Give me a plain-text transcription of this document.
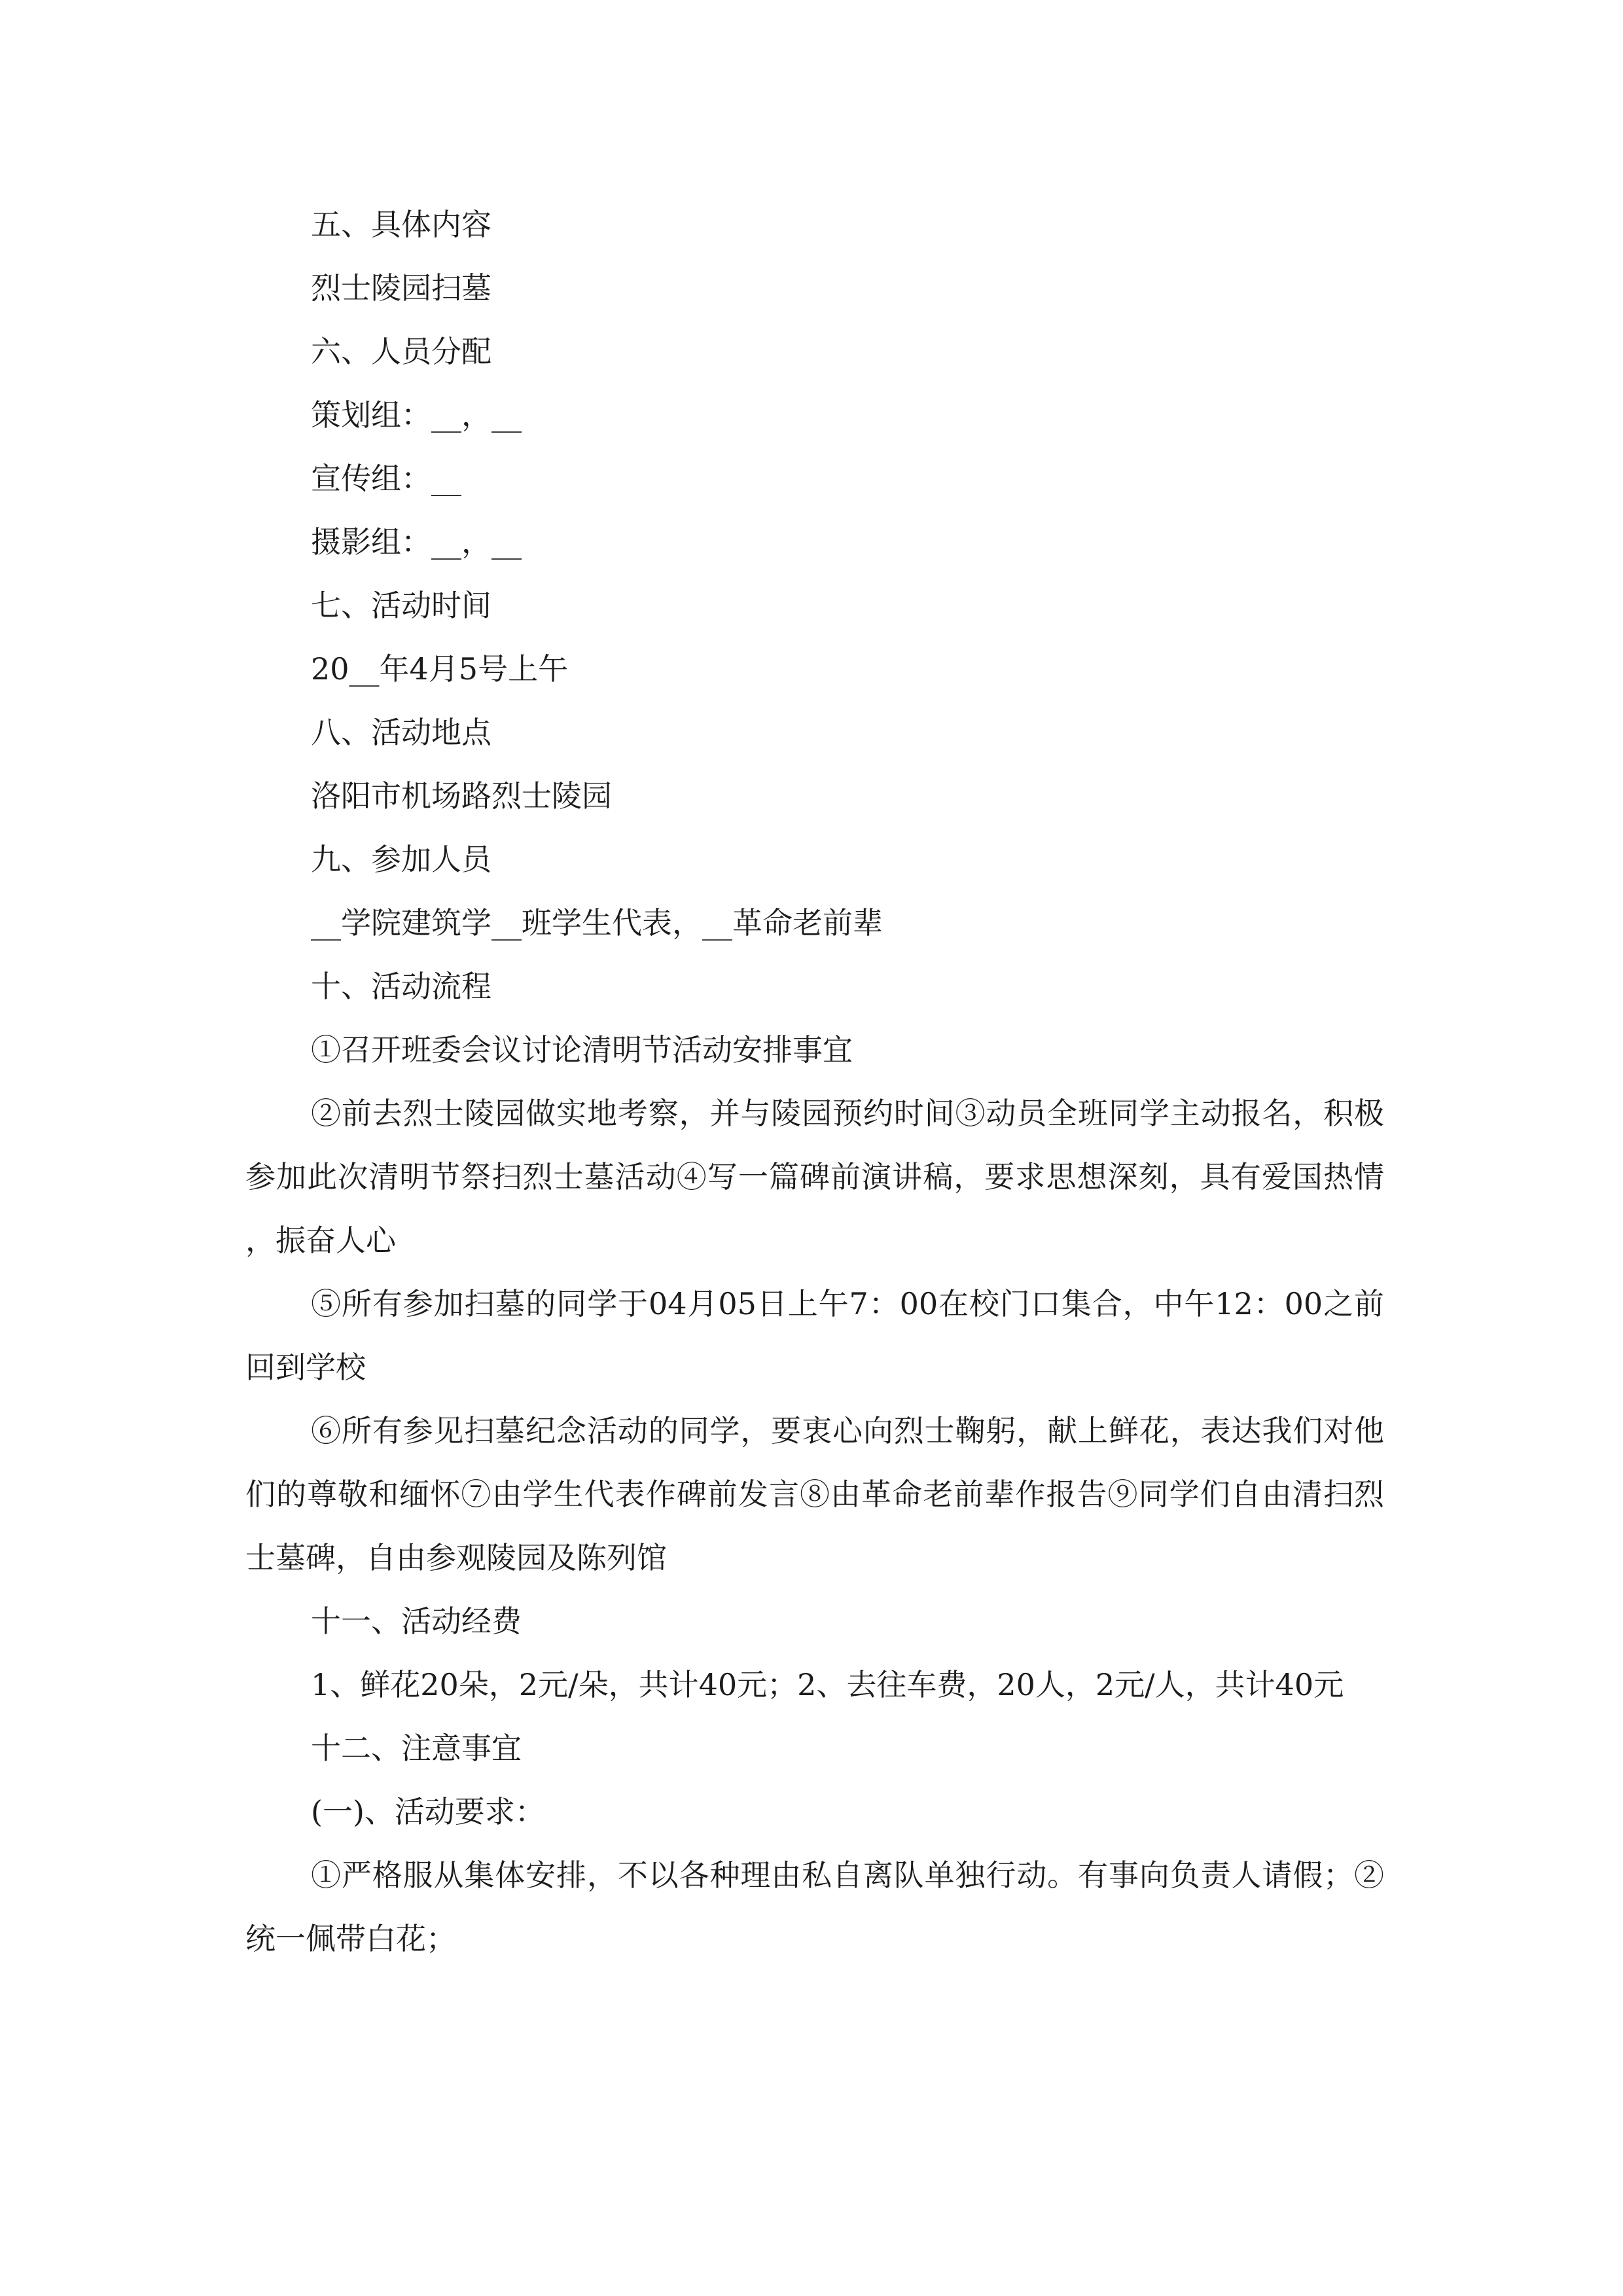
五、具体内容

烈士陵园扫墓

六、人员分配

策划组：__，__

宣传组：__

摄影组：__，__

七、活动时间

20__年4月5号上午

八、活动地点

洛阳市机场路烈士陵园

九、参加人员

__学院建筑学__班学生代表，__革命老前辈

十、活动流程

①召开班委会议讨论清明节活动安排事宜

②前去烈士陵园做实地考察，并与陵园预约时间③动员全班同学主动报名，积极参加此次清明节祭扫烈士墓活动④写一篇碑前演讲稿，要求思想深刻，具有爱国热情，振奋人心

⑤所有参加扫墓的同学于04月05日上午7：00在校门口集合，中午12：00之前回到学校

⑥所有参见扫墓纪念活动的同学，要衷心向烈士鞠躬，献上鲜花，表达我们对他们的尊敬和缅怀⑦由学生代表作碑前发言⑧由革命老前辈作报告⑨同学们自由清扫烈士墓碑，自由参观陵园及陈列馆

十一、活动经费

1、鲜花20朵，2元/朵，共计40元；2、去往车费，20人，2元/人，共计40元

十二、注意事宜

(一)、活动要求：

①严格服从集体安排，不以各种理由私自离队单独行动。有事向负责人请假；②统一佩带白花；
